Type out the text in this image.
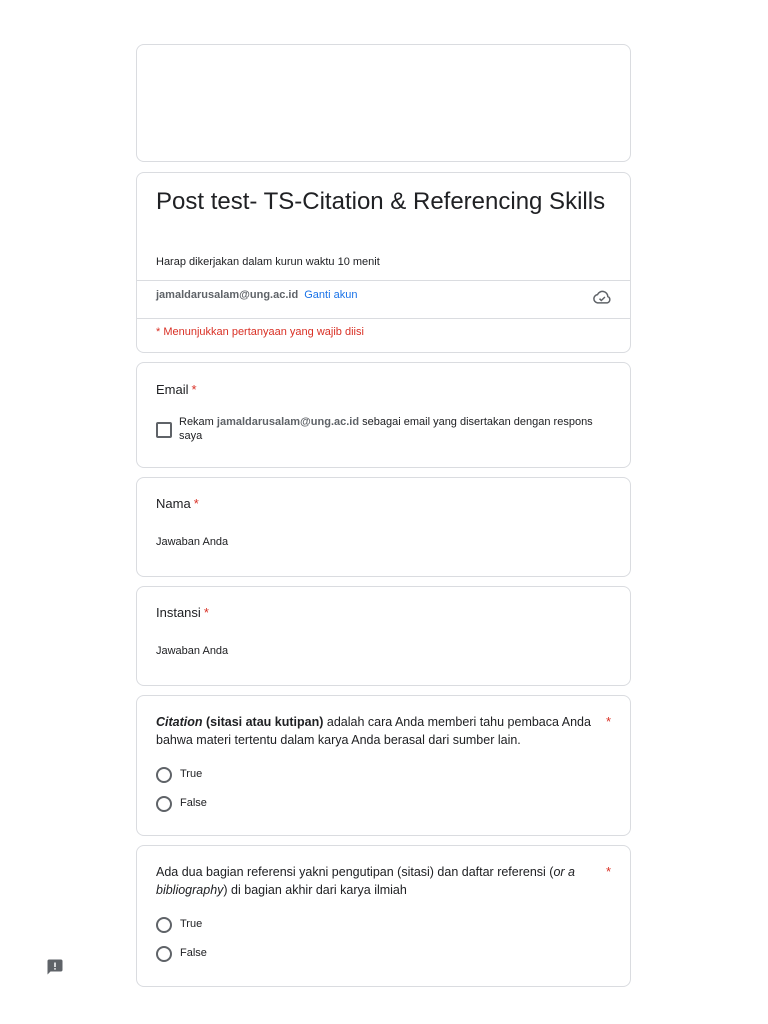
Post test- TS-Citation & Referencing Skills
Harap dikerjakan dalam kurun waktu 10 menit
jamaldarusalam@ung.ac.id Ganti akun
* Menunjukkan pertanyaan yang wajib diisi
Email *
Rekam jamaldarusalam@ung.ac.id sebagai email yang disertakan dengan respons saya
Nama *
Jawaban Anda
Instansi *
Jawaban Anda
Citation (sitasi atau kutipan) adalah cara Anda memberi tahu pembaca Anda bahwa materi tertentu dalam karya Anda berasal dari sumber lain.
*
True
False
Ada dua bagian referensi yakni pengutipan (sitasi) dan daftar referensi (or a bibliography) di bagian akhir dari karya ilmiah
*
True
False
